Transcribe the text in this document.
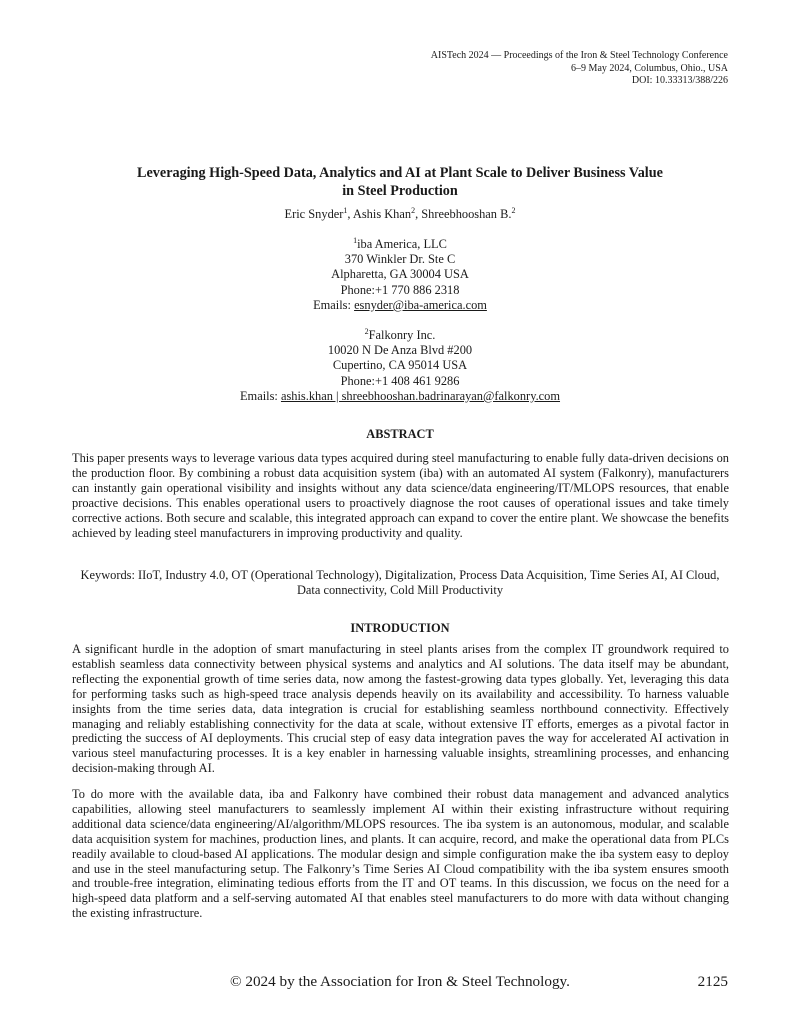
AISTech 2024 — Proceedings of the Iron & Steel Technology Conference
6–9 May 2024, Columbus, Ohio., USA
DOI: 10.33313/388/226
Leveraging High-Speed Data, Analytics and AI at Plant Scale to Deliver Business Value
in Steel Production
Eric Snyder$^1$, Ashis Khan$^2$, Shreebhooshan B.$^2$
$^1$iba America, LLC
370 Winkler Dr. Ste C
Alpharetta, GA 30004 USA
Phone:+1 770 886 2318
Emails: esnyder@iba-america.com
$^2$Falkonry Inc.
10020 N De Anza Blvd #200
Cupertino, CA 95014 USA
Phone:+1 408 461 9286
Emails: ashis.khan | shreebhooshan.badrinarayan@falkonry.com
ABSTRACT

This paper presents ways to leverage various data types acquired during steel manufacturing to enable fully data-driven decisions on the production floor. By combining a robust data acquisition system (iba) with an automated AI system (Falkonry), manufacturers can instantly gain operational visibility and insights without any data science/data engineering/IT/MLOPS resources, that enable proactive decisions. This enables operational users to proactively diagnose the root causes of operational issues and take timely corrective actions. Both secure and scalable, this integrated approach can expand to cover the entire plant. We showcase the benefits achieved by leading steel manufacturers in improving productivity and quality.

Keywords: IIoT, Industry 4.0, OT (Operational Technology), Digitalization, Process Data Acquisition, Time Series AI, AI Cloud, Data connectivity, Cold Mill Productivity
INTRODUCTION

A significant hurdle in the adoption of smart manufacturing in steel plants arises from the complex IT groundwork required to establish seamless data connectivity between physical systems and analytics and AI solutions. The data itself may be abundant, reflecting the exponential growth of time series data, now among the fastest-growing data types globally. Yet, leveraging this data for performing tasks such as high-speed trace analysis depends heavily on its availability and accessibility. To harness valuable insights from the time series data, data integration is crucial for establishing seamless northbound connectivity. Effectively managing and reliably establishing connectivity for the data at scale, without extensive IT efforts, emerges as a pivotal factor in predicting the success of AI deployments. This crucial step of easy data integration paves the way for accelerated AI activation in various steel manufacturing processes. It is a key enabler in harnessing valuable insights, streamlining processes, and enhancing decision-making through AI.

To do more with the available data, iba and Falkonry have combined their robust data management and advanced analytics capabilities, allowing steel manufacturers to seamlessly implement AI within their existing infrastructure without requiring additional data science/data engineering/AI/algorithm/MLOPS resources. The iba system is an autonomous, modular, and scalable data acquisition system for machines, production lines, and plants. It can acquire, record, and make the operational data from PLCs readily available to cloud-based AI applications. The modular design and simple configuration make the iba system easy to deploy and use in the steel manufacturing setup. The Falkonry’s Time Series AI Cloud compatibility with the iba system ensures smooth and trouble-free integration, eliminating tedious efforts from the IT and OT teams. In this discussion, we focus on the need for a high-speed data platform and a self-serving automated AI that enables steel manufacturers to do more with data without changing the existing infrastructure.

© 2024 by the Association for Iron & Steel Technology.	2125
